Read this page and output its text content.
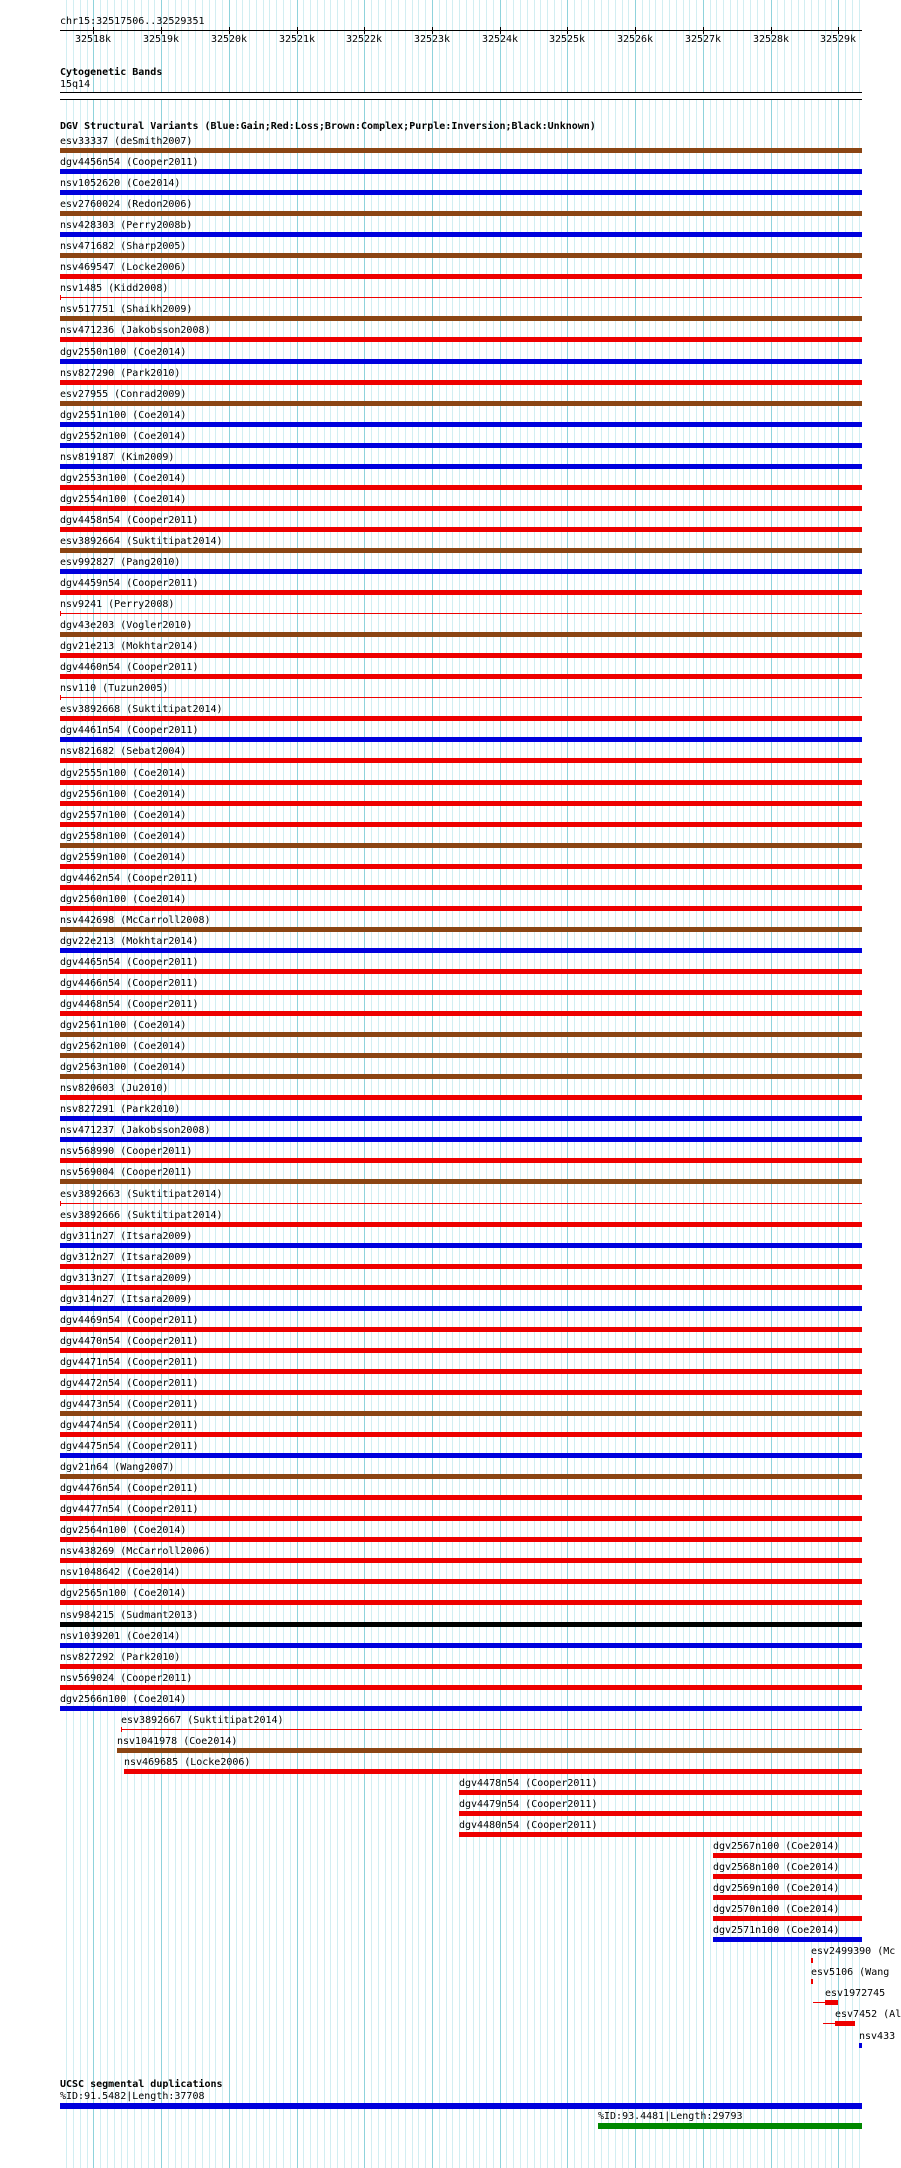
chr15:32517506..32529351
32518k	32519k	32520k	32521k	32522k	32523k	32524k	32525k	32526k	32527k	32528k	32529k
Cytogenetic Bands
15q14
DGV Structural Variants (Blue:Gain;Red:Loss;Brown:Complex;Purple:Inversion;Black:Unknown)
esv33337 (deSmith2007)
dgv4456n54 (Cooper2011)
nsv1052620 (Coe2014)
esv2760024 (Redon2006)
nsv428303 (Perry2008b)
nsv471682 (Sharp2005)
nsv469547 (Locke2006)
nsv1485 (Kidd2008)
nsv517751 (Shaikh2009)
nsv471236 (Jakobsson2008)
dgv2550n100 (Coe2014)
nsv827290 (Park2010)
esv27955 (Conrad2009)
dgv2551n100 (Coe2014)
dgv2552n100 (Coe2014)
nsv819187 (Kim2009)
dgv2553n100 (Coe2014)
dgv2554n100 (Coe2014)
dgv4458n54 (Cooper2011)
esv3892664 (Suktitipat2014)
esv992827 (Pang2010)
dgv4459n54 (Cooper2011)
nsv9241 (Perry2008)
dgv43e203 (Vogler2010)
dgv21e213 (Mokhtar2014)
dgv4460n54 (Cooper2011)
nsv110 (Tuzun2005)
esv3892668 (Suktitipat2014)
dgv4461n54 (Cooper2011)
nsv821682 (Sebat2004)
dgv2555n100 (Coe2014)
dgv2556n100 (Coe2014)
dgv2557n100 (Coe2014)
dgv2558n100 (Coe2014)
dgv2559n100 (Coe2014)
dgv4462n54 (Cooper2011)
dgv2560n100 (Coe2014)
nsv442698 (McCarroll2008)
dgv22e213 (Mokhtar2014)
dgv4465n54 (Cooper2011)
dgv4466n54 (Cooper2011)
dgv4468n54 (Cooper2011)
dgv2561n100 (Coe2014)
dgv2562n100 (Coe2014)
dgv2563n100 (Coe2014)
nsv820603 (Ju2010)
nsv827291 (Park2010)
nsv471237 (Jakobsson2008)
nsv568990 (Cooper2011)
nsv569004 (Cooper2011)
esv3892663 (Suktitipat2014)
esv3892666 (Suktitipat2014)
dgv311n27 (Itsara2009)
dgv312n27 (Itsara2009)
dgv313n27 (Itsara2009)
dgv314n27 (Itsara2009)
dgv4469n54 (Cooper2011)
dgv4470n54 (Cooper2011)
dgv4471n54 (Cooper2011)
dgv4472n54 (Cooper2011)
dgv4473n54 (Cooper2011)
dgv4474n54 (Cooper2011)
dgv4475n54 (Cooper2011)
dgv21n64 (Wang2007)
dgv4476n54 (Cooper2011)
dgv4477n54 (Cooper2011)
dgv2564n100 (Coe2014)
nsv438269 (McCarroll2006)
nsv1048642 (Coe2014)
dgv2565n100 (Coe2014)
nsv984215 (Sudmant2013)
nsv1039201 (Coe2014)
nsv827292 (Park2010)
nsv569024 (Cooper2011)
dgv2566n100 (Coe2014)
esv3892667 (Suktitipat2014)
nsv1041978 (Coe2014)
nsv469685 (Locke2006)
dgv4478n54 (Cooper2011)
dgv4479n54 (Cooper2011)
dgv4480n54 (Cooper2011)
dgv2567n100 (Coe2014)
dgv2568n100 (Coe2014)
dgv2569n100 (Coe2014)
dgv2570n100 (Coe2014)
dgv2571n100 (Coe2014)
esv2499390 (Mc
esv5106 (Wang
esv1972745
esv7452 (Al
nsv433
UCSC segmental duplications
%ID:91.5482|Length:37708
%ID:93.4481|Length:29793
